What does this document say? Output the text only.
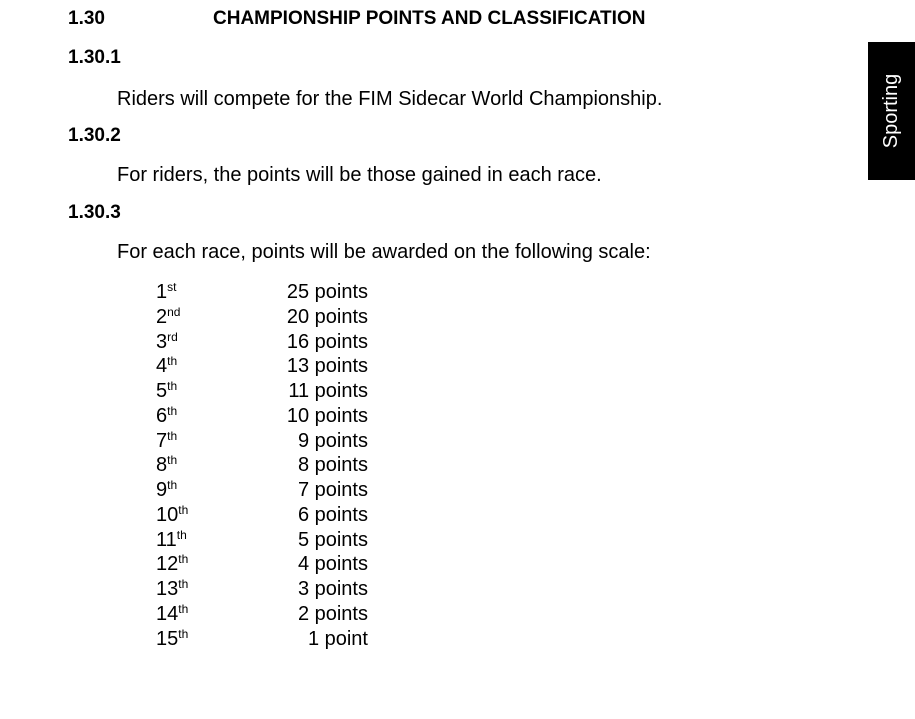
1.30	CHAMPIONSHIP POINTS AND CLASSIFICATION
1.30.1
Riders will compete for the FIM Sidecar World Championship.
1.30.2
For riders, the points will be those gained in each race.
1.30.3
For each race, points will be awarded on the following scale:
1st	25 points
2nd	20 points
3rd	16 points
4th	13 points
5th	11 points
6th	10 points
7th	9 points
8th	8 points
9th	7 points
10th	6 points
11th	5 points
12th	4 points
13th	3 points
14th	2 points
15th	1 point
Sporting
